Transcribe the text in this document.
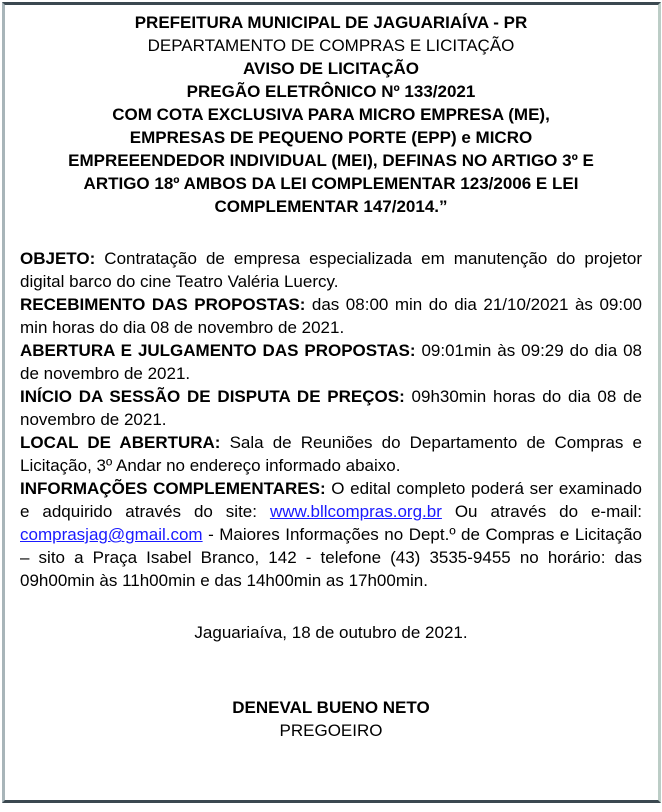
PREFEITURA MUNICIPAL DE JAGUARIAÍVA - PR
DEPARTAMENTO DE COMPRAS E LICITAÇÃO
AVISO DE LICITAÇÃO
PREGÃO ELETRÔNICO Nº 133/2021
COM COTA EXCLUSIVA PARA MICRO EMPRESA (ME),
EMPRESAS DE PEQUENO PORTE (EPP) e MICRO
EMPREEENDEDOR INDIVIDUAL (MEI), DEFINAS NO ARTIGO 3º E
ARTIGO 18º AMBOS DA LEI COMPLEMENTAR 123/2006 E LEI
COMPLEMENTAR 147/2014.”

OBJETO: Contratação de empresa especializada em manutenção do projetor digital barco do cine Teatro Valéria Luercy.

RECEBIMENTO DAS PROPOSTAS: das 08:00 min do dia 21/10/2021 às 09:00 min horas do dia 08 de novembro de 2021.

ABERTURA E JULGAMENTO DAS PROPOSTAS: 09:01min às 09:29 do dia 08 de novembro de 2021.

INÍCIO DA SESSÃO DE DISPUTA DE PREÇOS: 09h30min horas do dia 08 de novembro de 2021.

LOCAL DE ABERTURA: Sala de Reuniões do Departamento de Compras e Licitação, 3º Andar no endereço informado abaixo.

INFORMAÇÕES COMPLEMENTARES: O edital completo poderá ser examinado e adquirido através do site: www.bllcompras.org.br Ou através do e-mail: comprasjag@gmail.com - Maiores Informações no Dept.º de Compras e Licitação – sito a Praça Isabel Branco, 142 - telefone (43) 3535-9455 no horário: das 09h00min às 11h00min e das 14h00min as 17h00min.

Jaguariaíva, 18 de outubro de 2021.
DENEVAL BUENO NETO
PREGOEIRO
